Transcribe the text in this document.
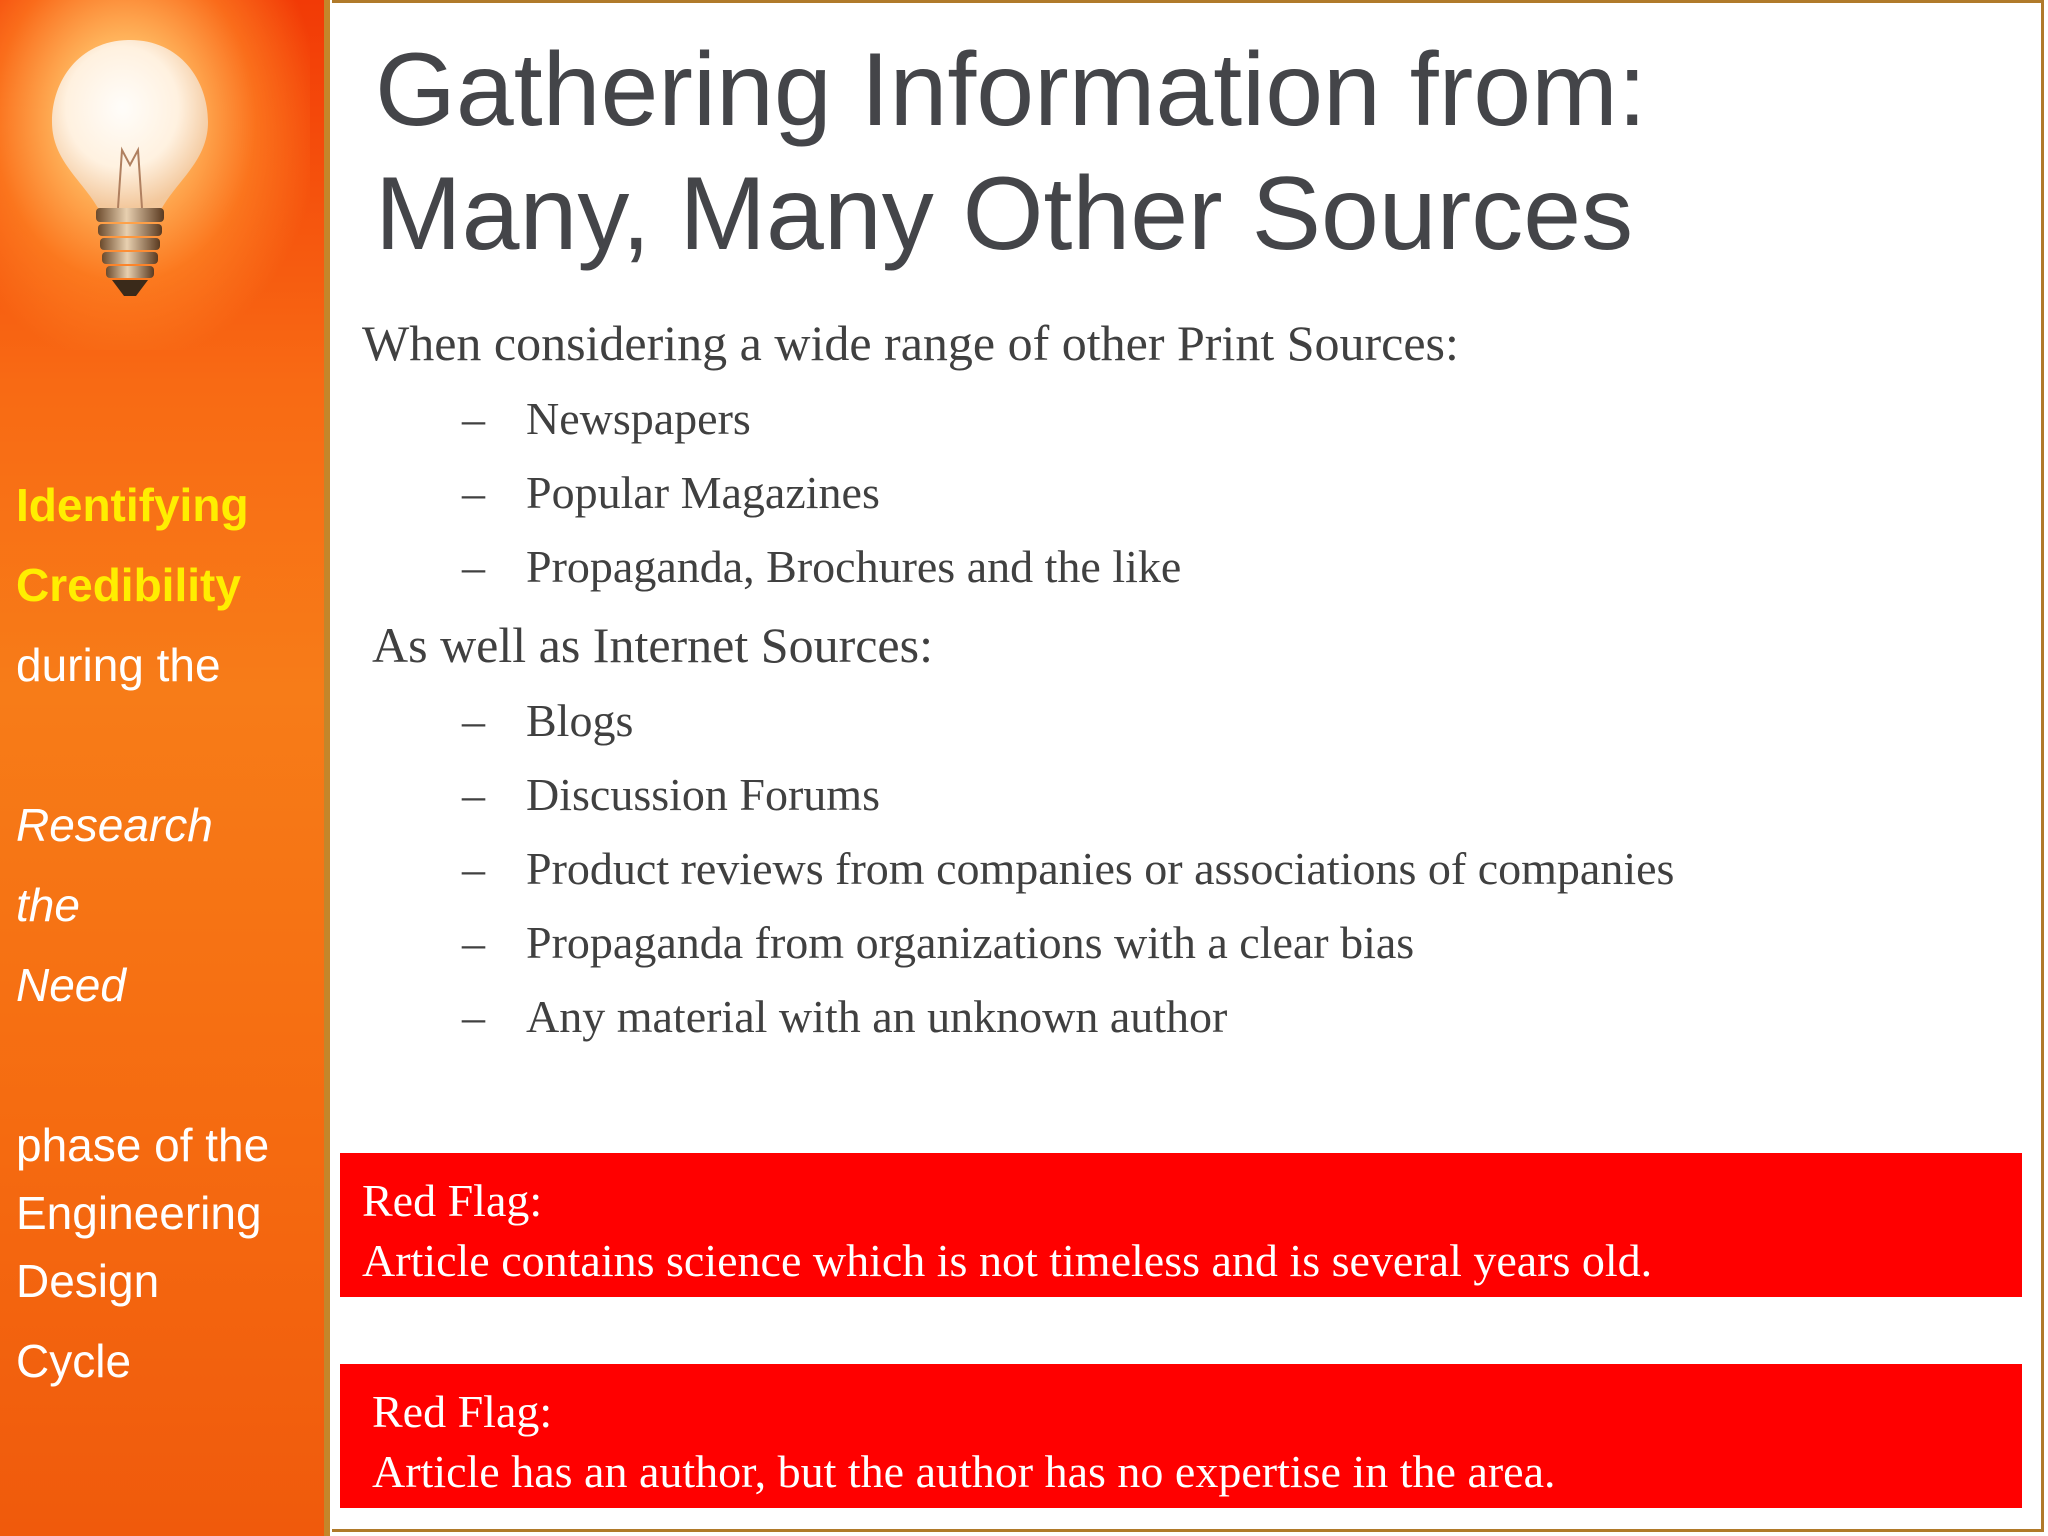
Identifying

Credibility

during the

Research

the

Need

phase of the

Engineering

Design

Cycle

Gathering Information from:
Many, Many Other Sources

When considering a wide range of other Print Sources:

– Newspapers
– Popular Magazines
– Propaganda, Brochures and the like

As well as Internet Sources:

– Blogs
– Discussion Forums
– Product reviews from companies or associations of companies
– Propaganda from organizations with a clear bias
– Any material with an unknown author

Red Flag:

Article contains science which is not timeless and is several years old.

Red Flag:

Article has an author, but the author has no expertise in the area.
